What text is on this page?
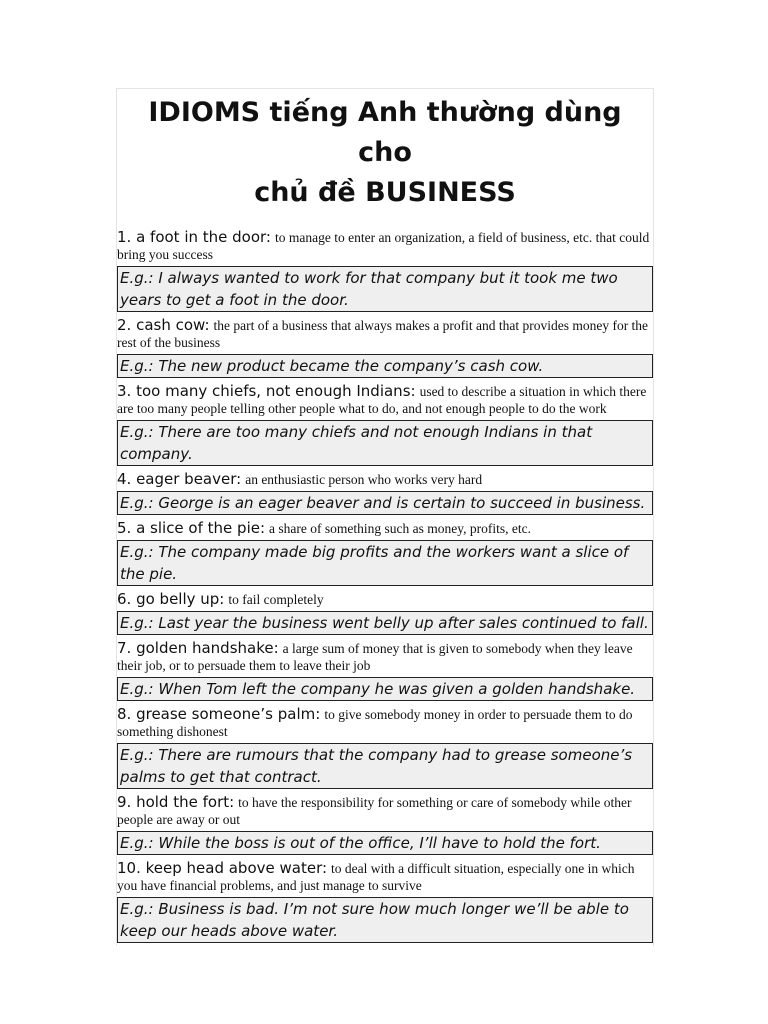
IDIOMS tiếng Anh thường dùng cho
chủ đề BUSINESS
1. a foot in the door: to manage to enter an organization, a field of business, etc. that could bring you success
E.g.: I always wanted to work for that company but it took me two years to get a foot in the door.
2. cash cow: the part of a business that always makes a profit and that provides money for the rest of the business
E.g.: The new product became the company’s cash cow.
3. too many chiefs, not enough Indians: used to describe a situation in which there are too many people telling other people what to do, and not enough people to do the work
E.g.: There are too many chiefs and not enough Indians in that company.
4. eager beaver: an enthusiastic person who works very hard
E.g.: George is an eager beaver and is certain to succeed in business.
5. a slice of the pie: a share of something such as money, profits, etc.
E.g.: The company made big profits and the workers want a slice of the pie.
6. go belly up: to fail completely
E.g.: Last year the business went belly up after sales continued to fall.
7. golden handshake: a large sum of money that is given to somebody when they leave their job, or to persuade them to leave their job
E.g.: When Tom left the company he was given a golden handshake.
8. grease someone’s palm: to give somebody money in order to persuade them to do something dishonest
E.g.: There are rumours that the company had to grease someone’s palms to get that contract.
9. hold the fort: to have the responsibility for something or care of somebody while other people are away or out
E.g.: While the boss is out of the office, I’ll have to hold the fort.
10. keep head above water: to deal with a difficult situation, especially one in which you have financial problems, and just manage to survive
E.g.: Business is bad. I’m not sure how much longer we’ll be able to keep our heads above water.
